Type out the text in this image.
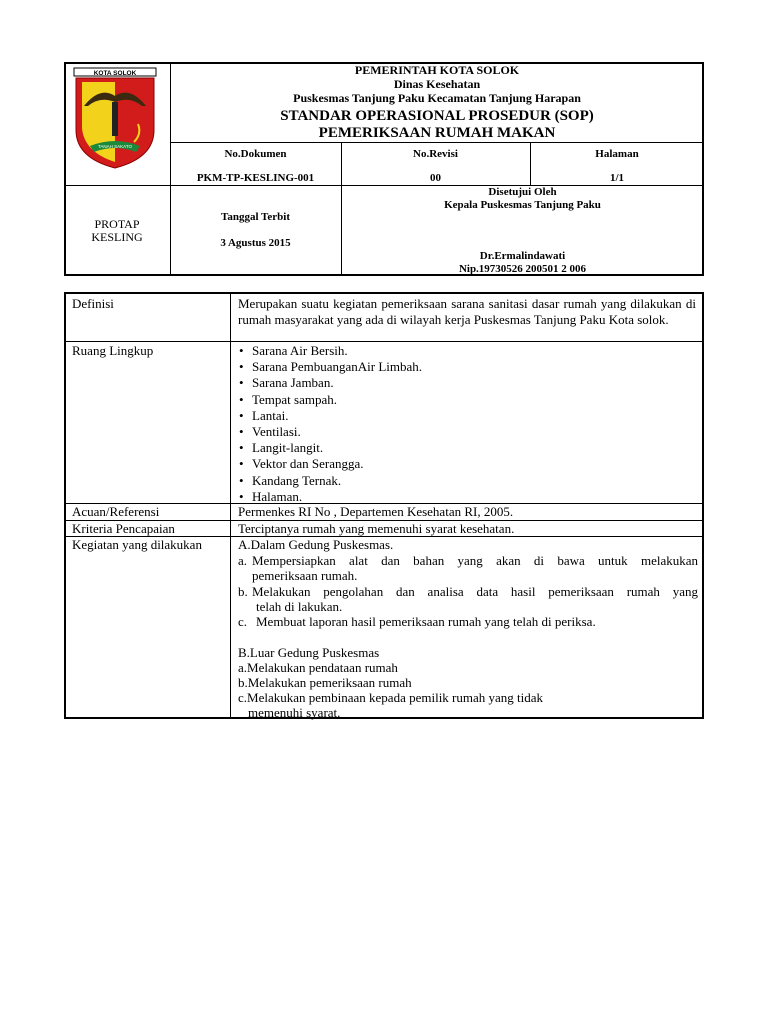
KOTA SOLOK
TANAH SAKATO
PEMERINTAH KOTA SOLOK
Dinas Kesehatan
Puskesmas Tanjung Paku Kecamatan Tanjung Harapan
STANDAR OPERASIONAL PROSEDUR (SOP)
PEMERIKSAAN RUMAH MAKAN
No.Dokumen
PKM-TP-KESLING-001
No.Revisi
00
Halaman
1/1
PROTAP
KESLING
Tanggal Terbit
3 Agustus 2015
Disetujui Oleh
Kepala Puskesmas Tanjung Paku
Dr.Ermalindawati
Nip.19730526 200501 2 006
Definisi	Merupakan suatu kegiatan pemeriksaan sarana sanitasi dasar rumah yang dilakukan di rumah masyarakat yang ada di wilayah kerja Puskesmas Tanjung Paku Kota solok.
Ruang Lingkup
•	Sarana Air Bersih.
• Sarana PembuanganAir Limbah.
• Sarana Jamban.
• Tempat sampah.
• Lantai.
• Ventilasi.
• Langit-langit.
• Vektor dan Serangga.
• Kandang Ternak.
• Halaman.
Acuan/Referensi	Permenkes RI No , Departemen Kesehatan RI, 2005.
Kriteria Pencapaian	Terciptanya rumah yang memenuhi syarat kesehatan.
Kegiatan yang dilakukan	A.Dalam Gedung Puskesmas.
a. Mempersiapkan alat dan bahan yang akan di bawa untuk melakukan
pemeriksaan rumah.
b. Melakukan pengolahan dan analisa data hasil pemeriksaan rumah yang
telah di lakukan.
c. Membuat laporan hasil pemeriksaan rumah yang telah di periksa.
B.Luar Gedung Puskesmas
a.Melakukan pendataan rumah
b.Melakukan pemeriksaan rumah
c.Melakukan pembinaan kepada pemilik rumah yang tidak
memenuhi syarat.
